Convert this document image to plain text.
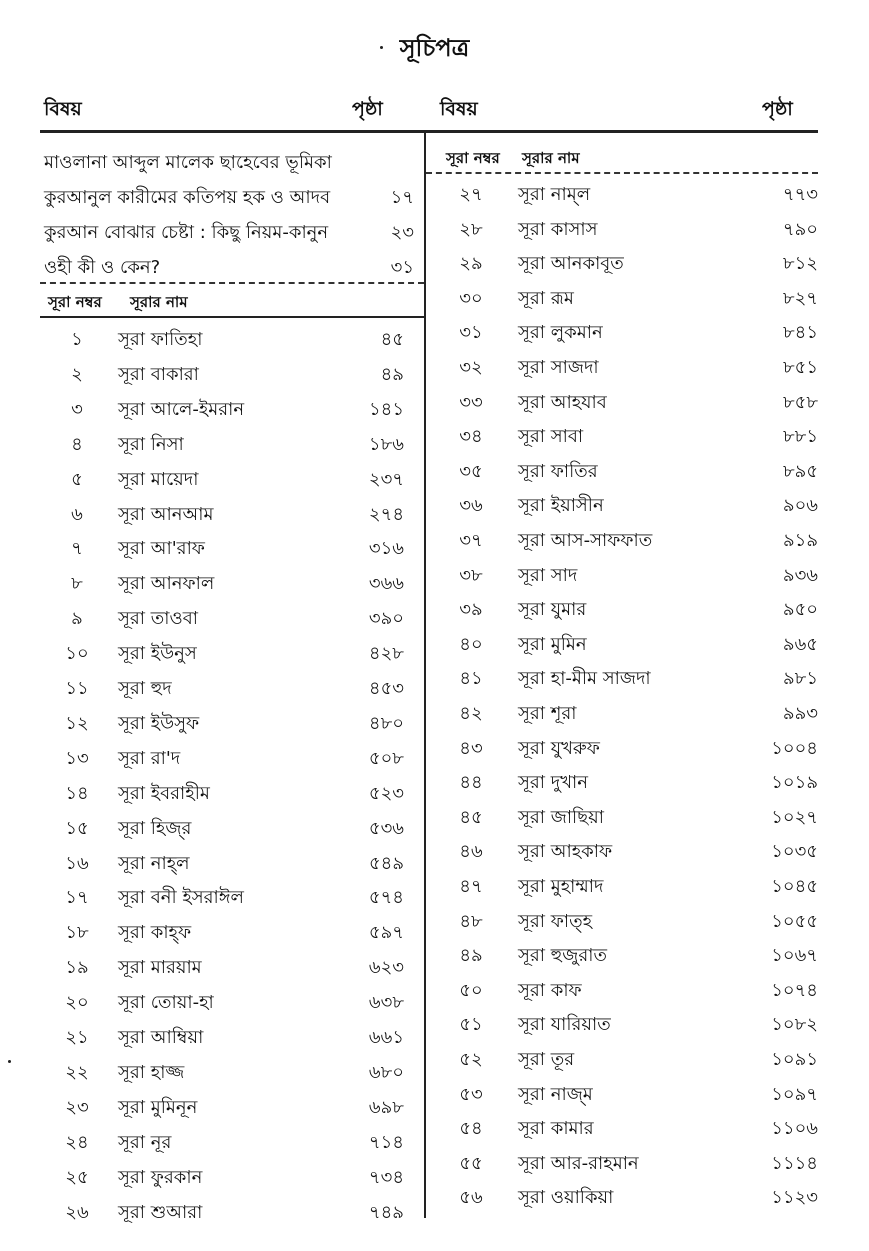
সূচিপত্র
বিষয়	পৃষ্ঠা	বিষয়	পৃষ্ঠা
মাওলানা আব্দুল মালেক ছাহেবের ভূমিকা
কুরআনুল কারীমের কতিপয় হক ও আদব	১৭
কুরআন বোঝার চেষ্টা : কিছু নিয়ম-কানুন	২৩
ওহী কী ও কেন?	৩১
সূরা নম্বর সূরার নাম
সূরা নম্বর সূরার নাম
১	সূরা ফাতিহা	৪৫
২	সূরা বাকারা	৪৯
৩	সূরা আলে-ইমরান	১৪১
৪	সূরা নিসা	১৮৬
৫	সূরা মায়েদা	২৩৭
৬	সূরা আনআম	২৭৪
৭	সূরা আ'রাফ	৩১৬
৮	সূরা আনফাল	৩৬৬
৯	সূরা তাওবা	৩৯০
১০	সূরা ইউনুস	৪২৮
১১	সূরা হুদ	৪৫৩
১২	সূরা ইউসুফ	৪৮০
১৩	সূরা রা'দ	৫০৮
১৪	সূরা ইবরাহীম	৫২৩
১৫	সূরা হিজ্‌র	৫৩৬
১৬	সূরা নাহ্‌ল	৫৪৯
১৭	সূরা বনী ইসরাঈল	৫৭৪
১৮	সূরা কাহ্‌ফ	৫৯৭
১৯	সূরা মারয়াম	৬২৩
২০	সূরা তোয়া-হা	৬৩৮
২১	সূরা আম্বিয়া	৬৬১
২২	সূরা হাজ্জ	৬৮০
২৩	সূরা মুমিনূন	৬৯৮
২৪	সূরা নূর	৭১৪
২৫	সূরা ফুরকান	৭৩৪
২৬	সূরা শুআরা	৭৪৯
২৭	সূরা নাম্‌ল	৭৭৩
২৮	সূরা কাসাস	৭৯০
২৯	সূরা আনকাবূত	৮১২
৩০	সূরা রূম	৮২৭
৩১	সূরা লুকমান	৮৪১
৩২	সূরা সাজদা	৮৫১
৩৩	সূরা আহযাব	৮৫৮
৩৪	সূরা সাবা	৮৮১
৩৫	সূরা ফাতির	৮৯৫
৩৬	সূরা ইয়াসীন	৯০৬
৩৭	সূরা আস-সাফফাত	৯১৯
৩৮	সূরা সাদ	৯৩৬
৩৯	সূরা যুমার	৯৫০
৪০	সূরা মুমিন	৯৬৫
৪১	সূরা হা-মীম সাজদা	৯৮১
৪২	সূরা শূরা	৯৯৩
৪৩	সূরা যুখরুফ	১০০৪
৪৪	সূরা দুখান	১০১৯
৪৫	সূরা জাছিয়া	১০২৭
৪৬	সূরা আহকাফ	১০৩৫
৪৭	সূরা মুহাম্মাদ	১০৪৫
৪৮	সূরা ফাত্‌হ	১০৫৫
৪৯	সূরা হুজুরাত	১০৬৭
৫০	সূরা কাফ	১০৭৪
৫১	সূরা যারিয়াত	১০৮২
৫২	সূরা তূর	১০৯১
৫৩	সূরা নাজ্‌ম	১০৯৭
৫৪	সূরা কামার	১১০৬
৫৫	সূরা আর-রাহমান	১১১৪
৫৬	সূরা ওয়াকিয়া	১১২৩
